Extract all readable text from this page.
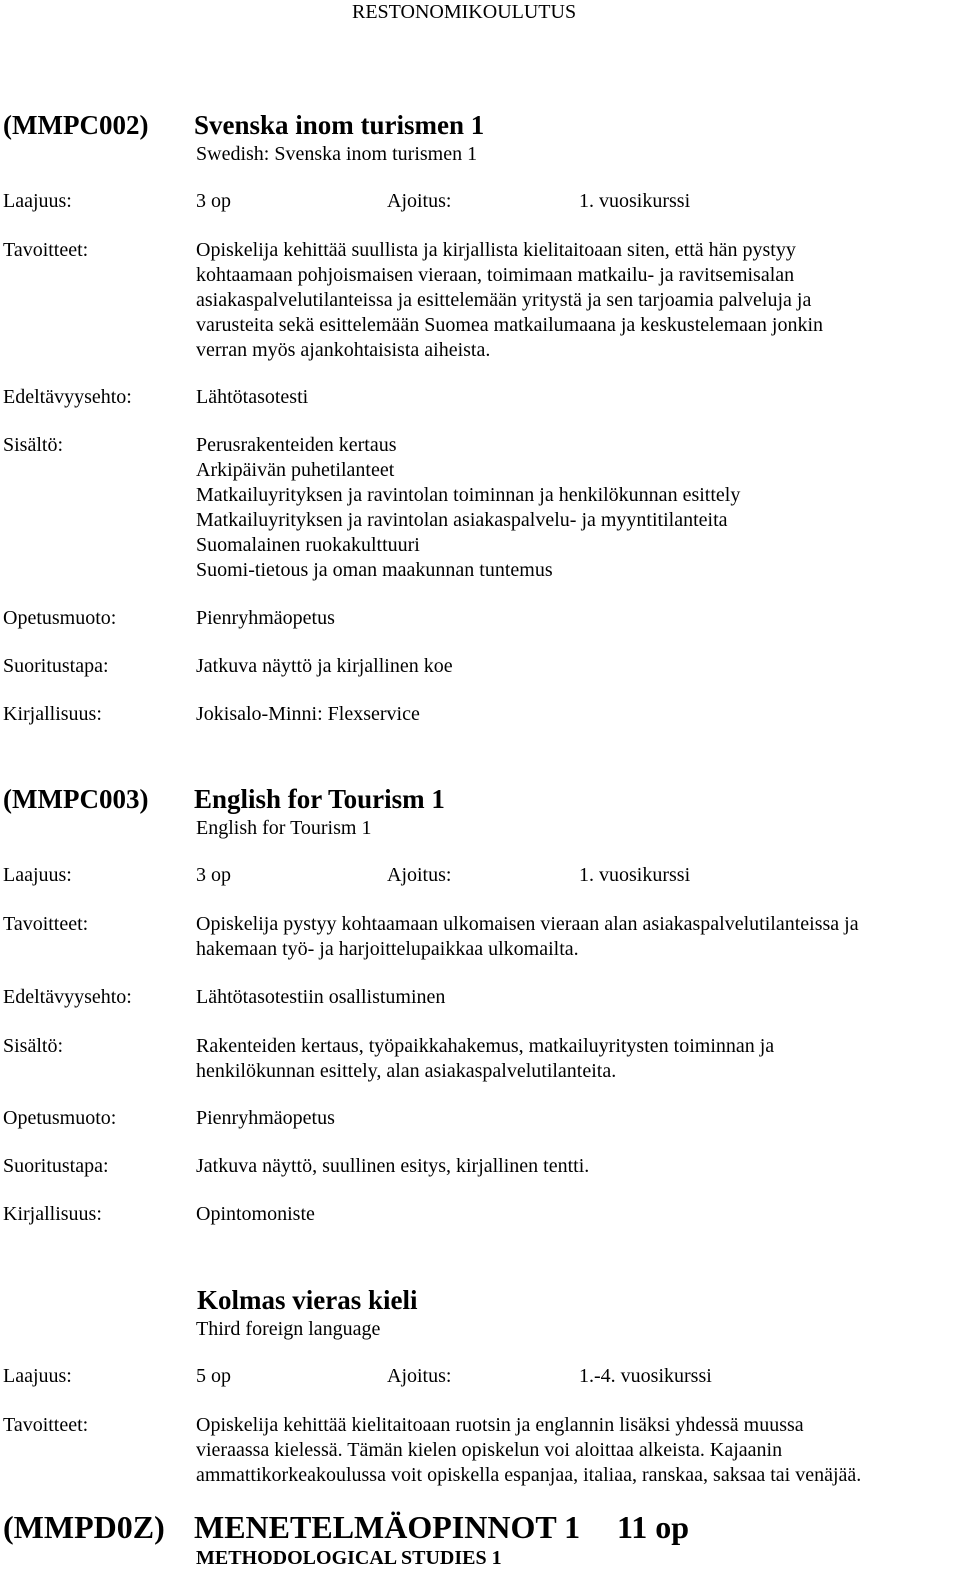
RESTONOMIKOULUTUS
(MMPC002) Svenska inom turismen 1
Swedish: Svenska inom turismen 1
Laajuus:	3 op	Ajoitus:	1. vuosikurssi
Tavoitteet:	Opiskelija kehittää suullista ja kirjallista kielitaitoaan siten, että hän pystyy
kohtaamaan pohjoismaisen vieraan, toimimaan matkailu- ja ravitsemisalan
asiakaspalvelutilanteissa ja esittelemään yritystä ja sen tarjoamia palveluja ja
varusteita sekä esittelemään Suomea matkailumaana ja keskustelemaan jonkin
verran myös ajankohtaisista aiheista.
Edeltävyysehto:	Lähtötasotesti
Sisältö:	Perusrakenteiden kertaus
Arkipäivän puhetilanteet
Matkailuyrityksen ja ravintolan toiminnan ja henkilökunnan esittely
Matkailuyrityksen ja ravintolan asiakaspalvelu- ja myyntitilanteita
Suomalainen ruokakulttuuri
Suomi-tietous ja oman maakunnan tuntemus
Opetusmuoto:	Pienryhmäopetus
Suoritustapa:	Jatkuva näyttö ja kirjallinen koe
Kirjallisuus:	Jokisalo-Minni: Flexservice
(MMPC003) English for Tourism 1
English for Tourism 1
Laajuus:	3 op	Ajoitus:	1. vuosikurssi
Tavoitteet:	Opiskelija pystyy kohtaamaan ulkomaisen vieraan alan asiakaspalvelutilanteissa ja
hakemaan työ- ja harjoittelupaikkaa ulkomailta.
Edeltävyysehto:	Lähtötasotestiin osallistuminen
Sisältö:	Rakenteiden kertaus, työpaikkahakemus, matkailuyritysten toiminnan ja
henkilökunnan esittely, alan asiakaspalvelutilanteita.
Opetusmuoto:	Pienryhmäopetus
Suoritustapa:	Jatkuva näyttö, suullinen esitys, kirjallinen tentti.
Kirjallisuus:	Opintomoniste
Kolmas vieras kieli
Third foreign language
Laajuus:	5 op	Ajoitus:	1.-4. vuosikurssi
Tavoitteet:	Opiskelija kehittää kielitaitoaan ruotsin ja englannin lisäksi yhdessä muussa
vieraassa kielessä. Tämän kielen opiskelun voi aloittaa alkeista. Kajaanin
ammattikorkeakoulussa voit opiskella espanjaa, italiaa, ranskaa, saksaa tai venäjää.
(MMPD0Z) MENETELMÄOPINNOT 1 11 op
METHODOLOGICAL STUDIES 1
